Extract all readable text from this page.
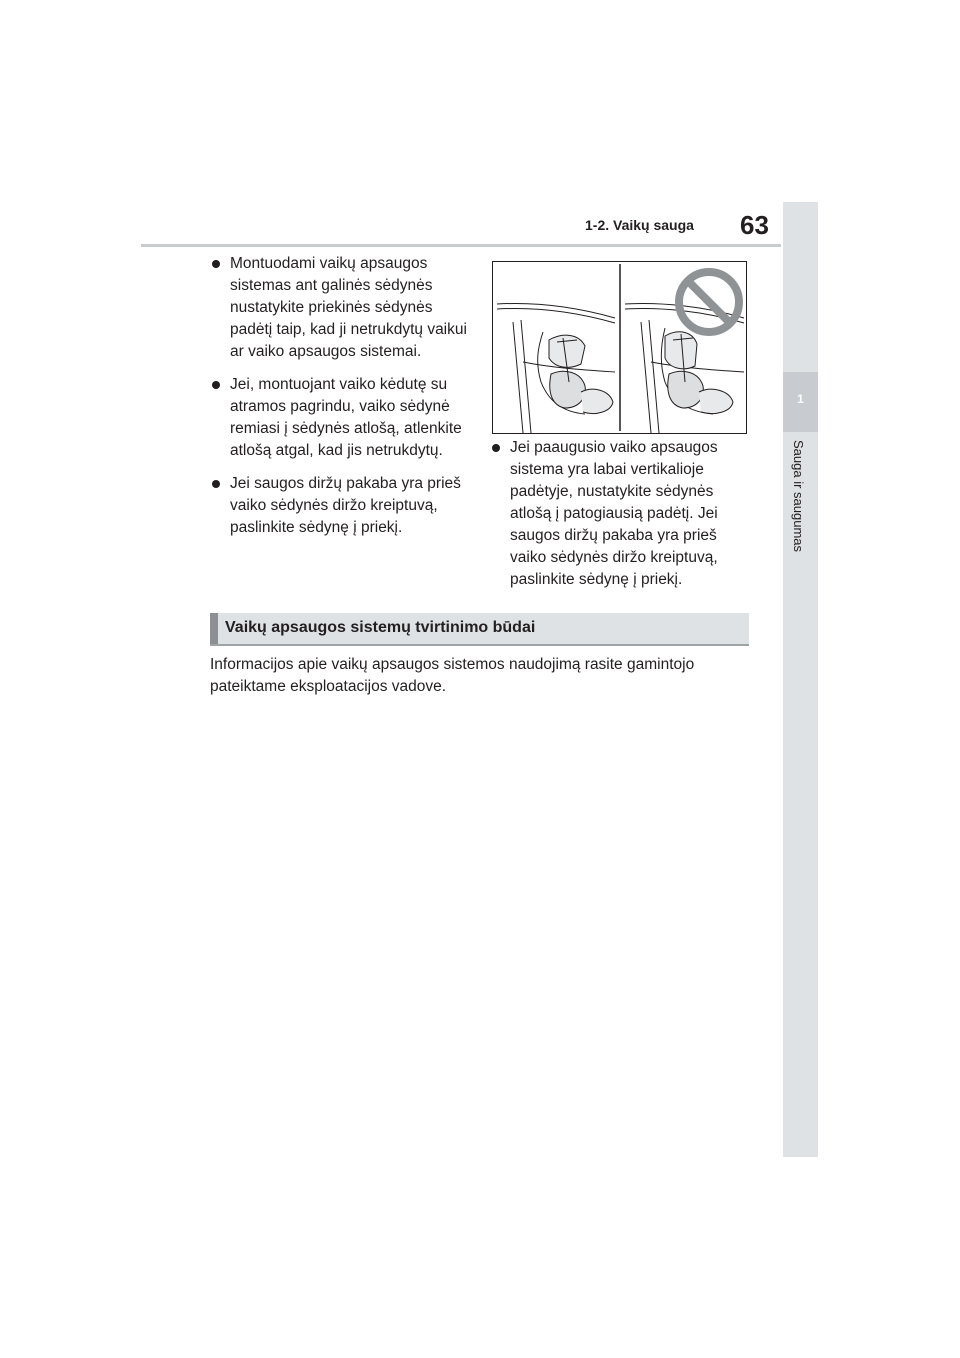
1
Sauga ir saugumas
1-2. Vaikų sauga 63
Montuodami vaikų apsaugos sistemas ant galinės sėdynės nustatykite priekinės sėdynės padėtį taip, kad ji netrukdytų vaikui ar vaiko apsaugos sistemai.
Jei, montuojant vaiko kėdutę su atramos pagrindu, vaiko sėdynė remiasi į sėdynės atlošą, atlenkite atlošą atgal, kad jis netrukdytų.
Jei saugos diržų pakaba yra prieš vaiko sėdynės diržo kreiptuvą, paslinkite sėdynę į priekį.
Jei paaugusio vaiko apsaugos sistema yra labai vertikalioje padėtyje, nustatykite sėdynės atlošą į patogiausią padėtį. Jei saugos diržų pakaba yra prieš vaiko sėdynės diržo kreiptuvą, paslinkite sėdynę į priekį.
Vaikų apsaugos sistemų tvirtinimo būdai

Informacijos apie vaikų apsaugos sistemos naudojimą rasite gamintojo pateiktame eksploatacijos vadove.
